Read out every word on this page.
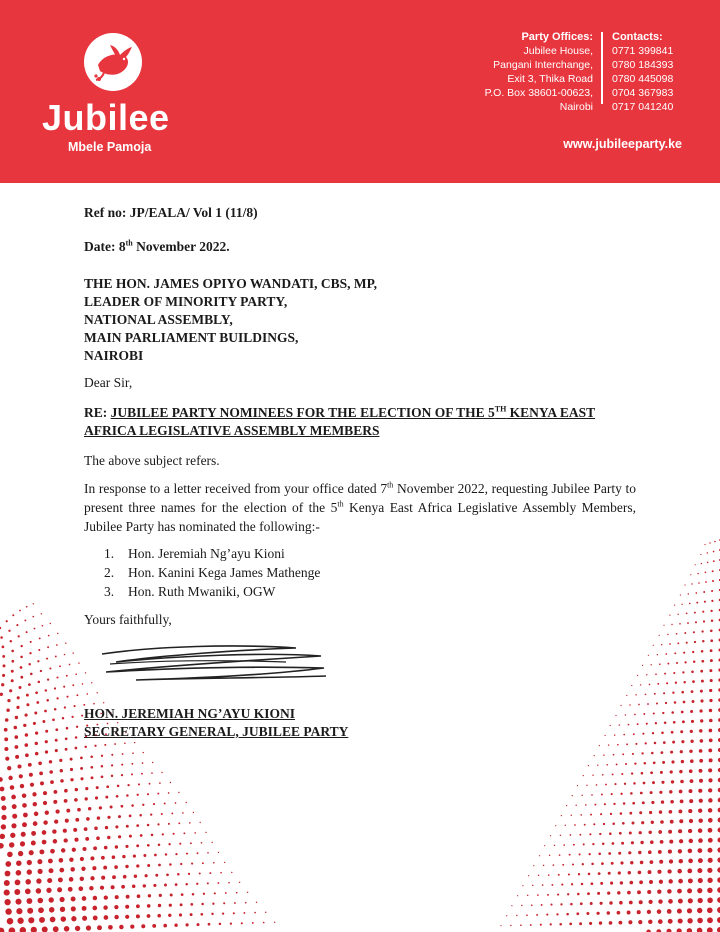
Jubilee
Mbele Pamoja
Party Offices:
Jubilee House,
Pangani Interchange,
Exit 3, Thika Road
P.O. Box 38601-00623,
Nairobi
Contacts:
0771 399841
0780 184393
0780 445098
0704 367983
0717 041240
www.jubileeparty.ke
Ref no: JP/EALA/ Vol 1 (11/8)
Date: 8th November 2022.
THE HON. JAMES OPIYO WANDATI, CBS, MP,
LEADER OF MINORITY PARTY,
NATIONAL ASSEMBLY,
MAIN PARLIAMENT BUILDINGS,
NAIROBI
Dear Sir,
RE: JUBILEE PARTY NOMINEES FOR THE ELECTION OF THE 5TH KENYA EAST
AFRICA LEGISLATIVE ASSEMBLY MEMBERS
The above subject refers.
In response to a letter received from your office dated 7th November 2022, requesting Jubilee Party to present three names for the election of the 5th Kenya East Africa Legislative Assembly Members, Jubilee Party has nominated the following:-
1.	Hon. Jeremiah Ng’ayu Kioni
2.	Hon. Kanini Kega James Mathenge
3.	Hon. Ruth Mwaniki, OGW
Yours faithfully,
HON. JEREMIAH NG’AYU KIONI
SECRETARY GENERAL, JUBILEE PARTY
